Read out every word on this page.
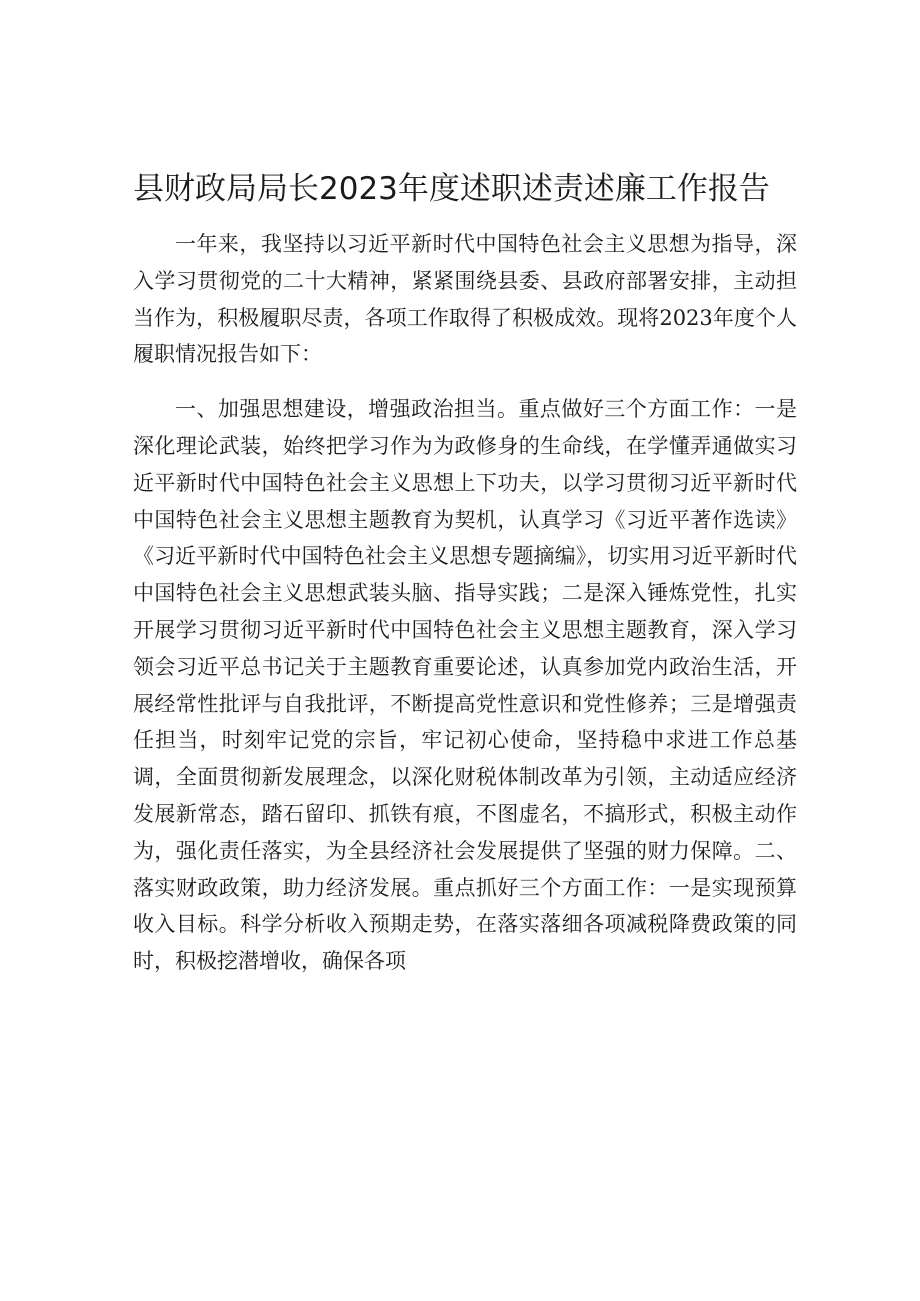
县财政局局长2023年度述职述责述廉工作报告

一年来，我坚持以习近平新时代中国特色社会主义思想为指导，深入学习贯彻党的二十大精神，紧紧围绕县委、县政府部署安排，主动担当作为，积极履职尽责，各项工作取得了积极成效。现将2023年度个人履职情况报告如下：

一、加强思想建设，增强政治担当。重点做好三个方面工作：一是深化理论武装，始终把学习作为为政修身的生命线，在学懂弄通做实习近平新时代中国特色社会主义思想上下功夫，以学习贯彻习近平新时代中国特色社会主义思想主题教育为契机，认真学习《习近平著作选读》《习近平新时代中国特色社会主义思想专题摘编》，切实用习近平新时代中国特色社会主义思想武装头脑、指导实践；二是深入锤炼党性，扎实开展学习贯彻习近平新时代中国特色社会主义思想主题教育，深入学习领会习近平总书记关于主题教育重要论述，认真参加党内政治生活，开展经常性批评与自我批评，不断提高党性意识和党性修养；三是增强责任担当，时刻牢记党的宗旨，牢记初心使命，坚持稳中求进工作总基调，全面贯彻新发展理念，以深化财税体制改革为引领，主动适应经济发展新常态，踏石留印、抓铁有痕，不图虚名，不搞形式，积极主动作为，强化责任落实，为全县经济社会发展提供了坚强的财力保障。二、落实财政政策，助力经济发展。重点抓好三个方面工作：一是实现预算收入目标。科学分析收入预期走势，在落实落细各项减税降费政策的同时，积极挖潜增收，确保各项
